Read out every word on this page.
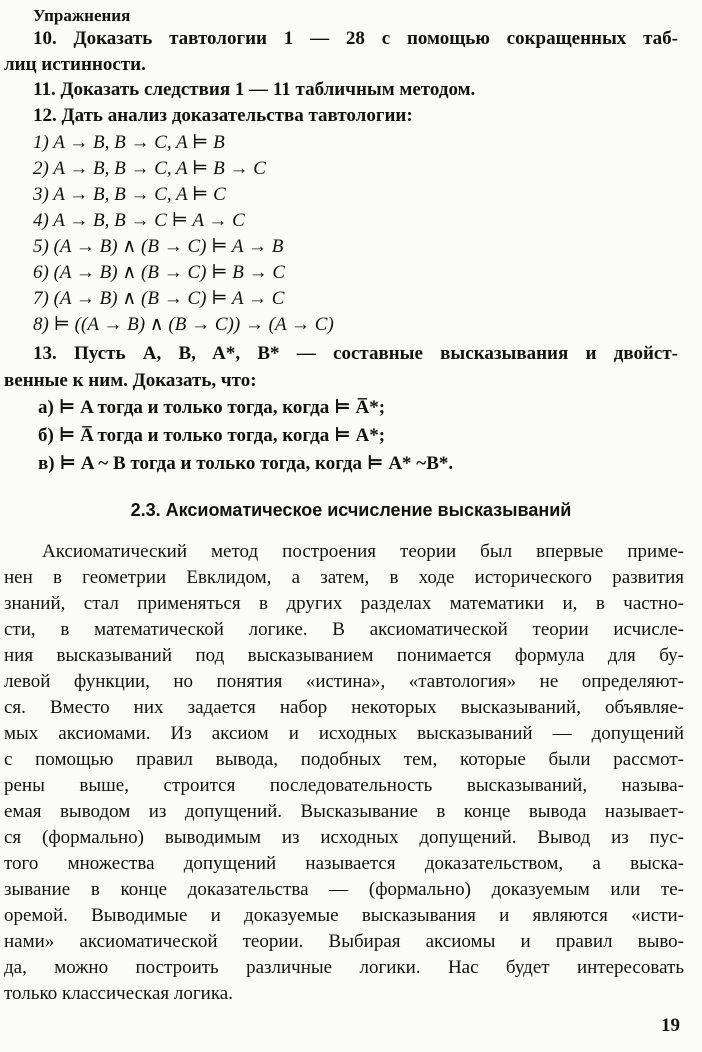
Упражнения
10. Доказать тавтологии 1 — 28 с помощью сокращенных таб-
лиц истинности.
11. Доказать следствия 1 — 11 табличным методом.
12. Дать анализ доказательства тавтологии:
1) A → B, B → C, A ⊨ B
2) A → B, B → C, A ⊨ B → C
3) A → B, B → C, A ⊨ C
4) A → B, B → C ⊨ A → C
5) (A → B) ∧ (B → C) ⊨ A → B
6) (A → B) ∧ (B → C) ⊨ B → C
7) (A → B) ∧ (B → C) ⊨ A → C
8) ⊨ ((A → B) ∧ (B → C)) → (A → C)
13. Пусть A, B, A*, B* — составные высказывания и двойст-
венные к ним. Доказать, что:
а) ⊨ A тогда и только тогда, когда ⊨ A̅*;
б) ⊨ A̅ тогда и только тогда, когда ⊨ A*;
в) ⊨ A ~ B тогда и только тогда, когда ⊨ A* ~B*.
2.3. Аксиоматическое исчисление высказываний
Аксиоматический метод построения теории был впервые приме-
нен в геометрии Евклидом, а затем, в ходе исторического развития
знаний, стал применяться в других разделах математики и, в частно-
сти, в математической логике. В аксиоматической теории исчисле-
ния высказываний под высказыванием понимается формула для бу-
левой функции, но понятия «истина», «тавтология» не определяют-
ся. Вместо них задается набор некоторых высказываний, объявляе-
мых аксиомами. Из аксиом и исходных высказываний — допущений
с помощью правил вывода, подобных тем, которые были рассмот-
рены выше, строится последовательность высказываний, называ-
емая выводом из допущений. Высказывание в конце вывода называет-
ся (формально) выводимым из исходных допущений. Вывод из пус-
того множества допущений называется доказательством, а выска-
зывание в конце доказательства — (формально) доказуемым или те-
оремой. Выводимые и доказуемые высказывания и являются «исти-
нами» аксиоматической теории. Выбирая аксиомы и правил выво-
да, можно построить различные логики. Нас будет интересовать
только классическая логика.
19
